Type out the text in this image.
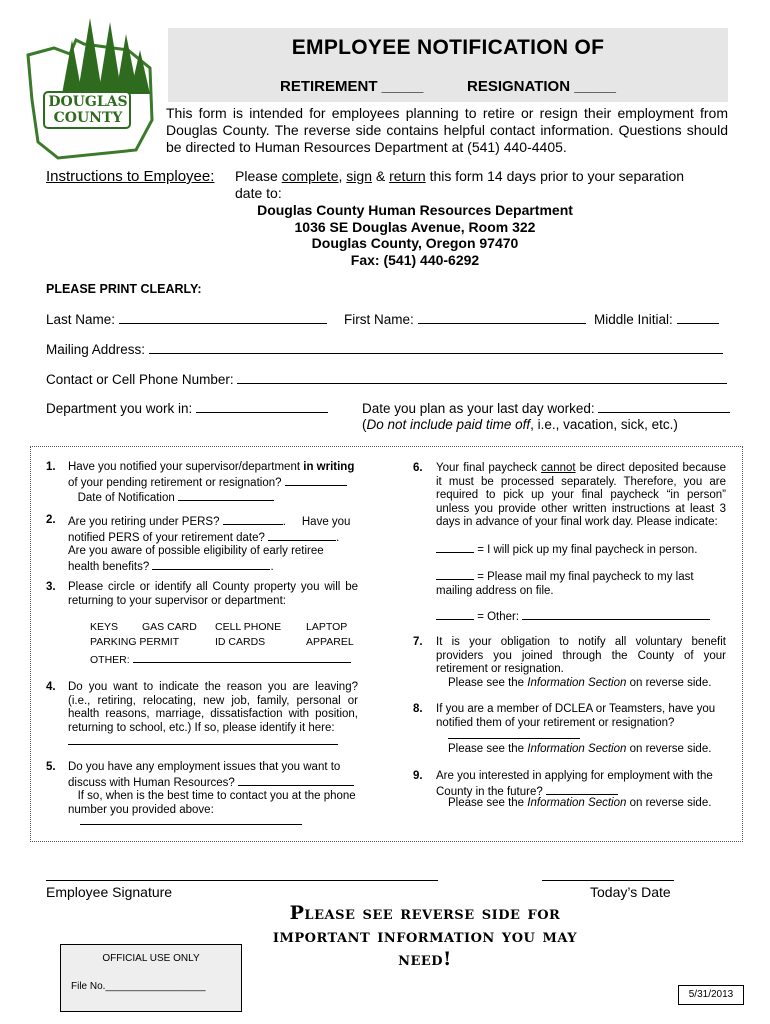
DOUGLAS
COUNTY
EMPLOYEE NOTIFICATION OF
RETIREMENT _____	RESIGNATION _____
This form is intended for employees planning to retire or resign their employment from Douglas County. The reverse side contains helpful contact information. Questions should be directed to Human Resources Department at (541) 440-4405.
Instructions to Employee: Please complete, sign & return this form 14 days prior to your separation date to:
Douglas County Human Resources Department
1036 SE Douglas Avenue, Room 322
Douglas County, Oregon 97470
Fax: (541) 440-6292
PLEASE PRINT CLEARLY:
Last Name:	First Name:	Middle Initial:
Mailing Address:
Contact or Cell Phone Number:
Department you work in:	Date you plan as your last day worked:
(Do not include paid time off, i.e., vacation, sick, etc.)
1. Have you notified your supervisor/department in writing of your pending retirement or resignation?
Date of Notification
2. Are you retiring under PERS?	.     Have you notified PERS of your retirement date?	.
Are you aware of possible eligibility of early retiree health benefits?	.
3. Please circle or identify all County property you will be returning to your supervisor or department:
KEYS GAS CARD CELL PHONE LAPTOP
PARKING PERMIT	ID CARDS	APPAREL
OTHER:
4. Do you want to indicate the reason you are leaving? (i.e., retiring, relocating, new job, family, personal or health reasons, marriage, dissatisfaction with position, returning to school, etc.) If so, please identify it here:
5. Do you have any employment issues that you want to discuss with Human Resources?
If so, when is the best time to contact you at the phone number you provided above:
6. Your final paycheck cannot be direct deposited because it must be processed separately. Therefore, you are required to pick up your final paycheck “in person” unless you provide other written instructions at least 3 days in advance of your final work day. Please indicate:
= I will pick up my final paycheck in person.
= Please mail my final paycheck to my last mailing address on file.
= Other:
7. It is your obligation to notify all voluntary benefit providers you joined through the County of your retirement or resignation.
Please see the Information Section on reverse side.
8. If you are a member of DCLEA or Teamsters, have you notified them of your retirement or resignation?
Please see the Information Section on reverse side.
9. Are you interested in applying for employment with the County in the future?
Please see the Information Section on reverse side.
Employee Signature	Today’s Date
OFFICIAL USE ONLY
File No.__________________
Please see reverse side for important information you may need!
5/31/2013
